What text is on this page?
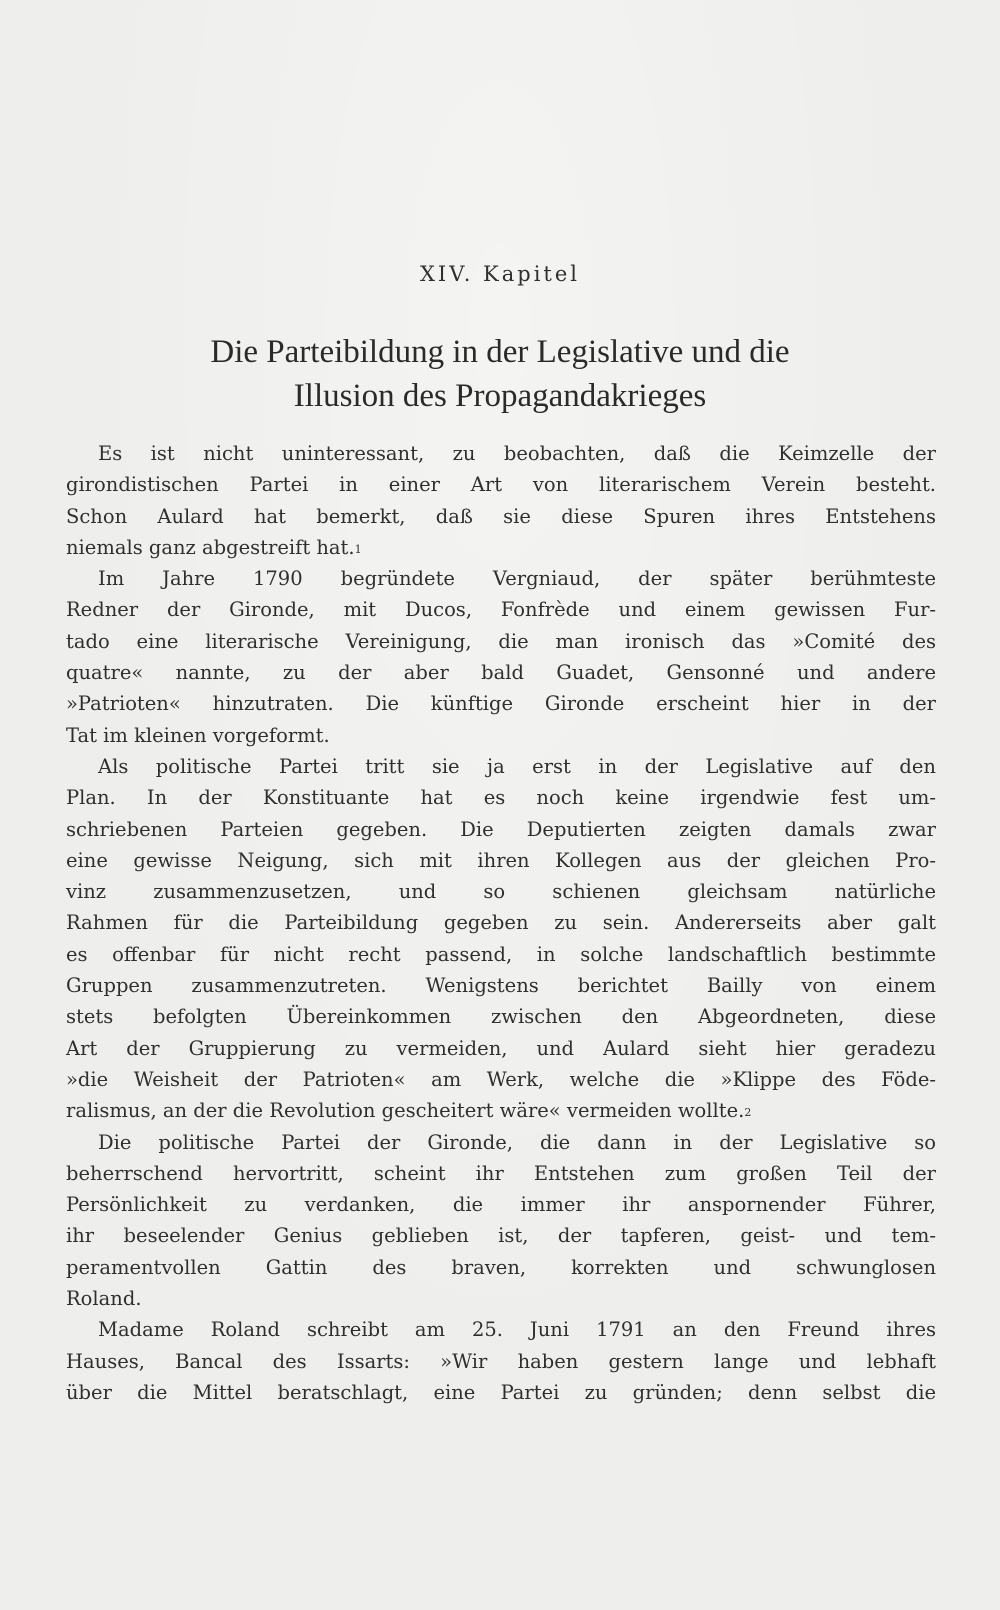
XIV. Kapitel
Die Parteibildung in der Legislative und die
Illusion des Propagandakrieges
Es ist nicht uninteressant, zu beobachten, daß die Keimzelle der
girondistischen Partei in einer Art von literarischem Verein besteht.
Schon Aulard hat bemerkt, daß sie diese Spuren ihres Entstehens
niemals ganz abgestreift hat.$^1$
Im Jahre 1790 begründete Vergniaud, der später berühmteste
Redner der Gironde, mit Ducos, Fonfrède und einem gewissen Fur-
tado eine literarische Vereinigung, die man ironisch das »Comité des
quatre« nannte, zu der aber bald Guadet, Gensonné und andere
»Patrioten« hinzutraten. Die künftige Gironde erscheint hier in der
Tat im kleinen vorgeformt.
Als politische Partei tritt sie ja erst in der Legislative auf den
Plan. In der Konstituante hat es noch keine irgendwie fest um-
schriebenen Parteien gegeben. Die Deputierten zeigten damals zwar
eine gewisse Neigung, sich mit ihren Kollegen aus der gleichen Pro-
vinz zusammenzusetzen, und so schienen gleichsam natürliche
Rahmen für die Parteibildung gegeben zu sein. Andererseits aber galt
es offenbar für nicht recht passend, in solche landschaftlich bestimmte
Gruppen zusammenzutreten. Wenigstens berichtet Bailly von einem
stets befolgten Übereinkommen zwischen den Abgeordneten, diese
Art der Gruppierung zu vermeiden, und Aulard sieht hier geradezu
»die Weisheit der Patrioten« am Werk, welche die »Klippe des Föde-
ralismus, an der die Revolution gescheitert wäre« vermeiden wollte.$^2$
Die politische Partei der Gironde, die dann in der Legislative so
beherrschend hervortritt, scheint ihr Entstehen zum großen Teil der
Persönlichkeit zu verdanken, die immer ihr anspornender Führer,
ihr beseelender Genius geblieben ist, der tapferen, geist- und tem-
peramentvollen Gattin des braven, korrekten und schwunglosen
Roland.
Madame Roland schreibt am 25. Juni 1791 an den Freund ihres
Hauses, Bancal des Issarts: »Wir haben gestern lange und lebhaft
über die Mittel beratschlagt, eine Partei zu gründen; denn selbst die
